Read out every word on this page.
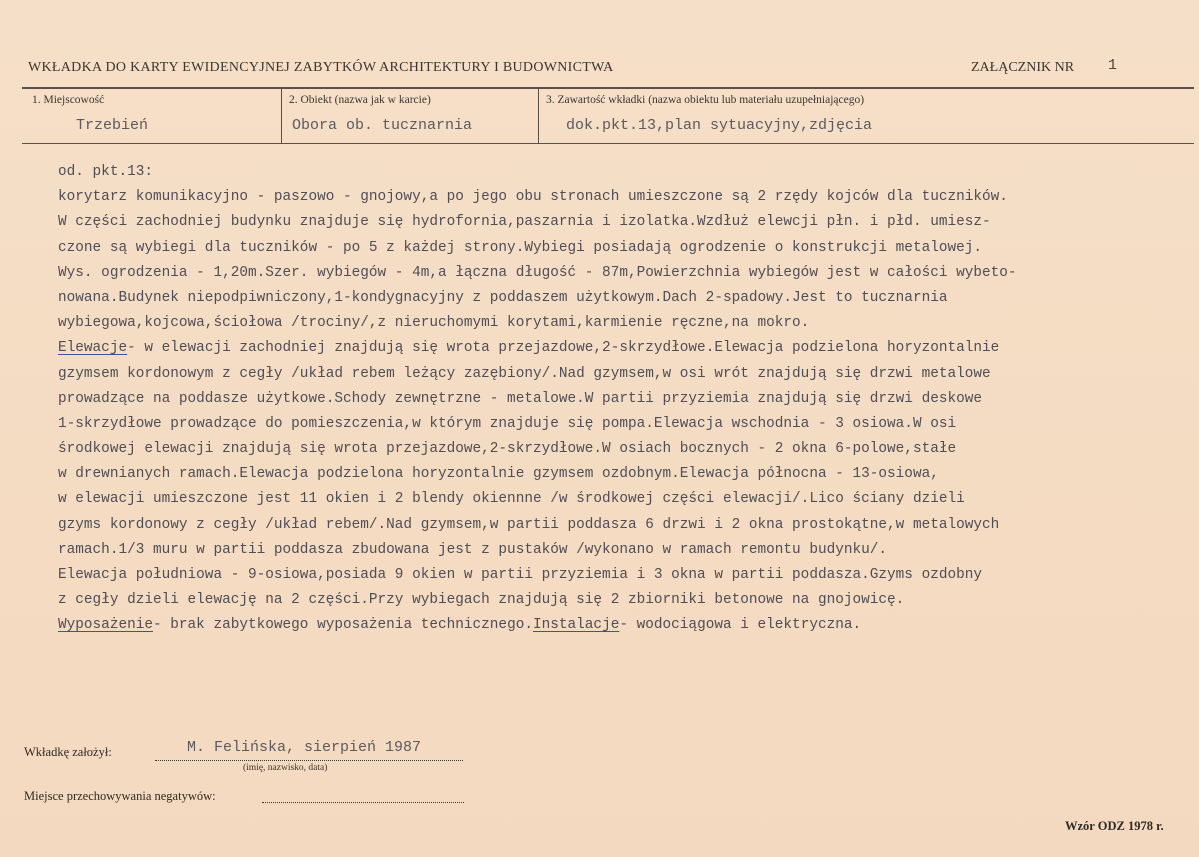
WKŁADKA DO KARTY EWIDENCYJNEJ ZABYTKÓW ARCHITEKTURY I BUDOWNICTWA	ZAŁĄCZNIK NR 1
1. Miejscowość
Trzebień
2. Obiekt (nazwa jak w karcie)
Obora ob. tucznarnia
3. Zawartość wkładki (nazwa obiektu lub materiału uzupełniającego)
dok.pkt.13,plan sytuacyjny,zdjęcia
od. pkt.13:
korytarz komunikacyjno - paszowo - gnojowy,a po jego obu stronach umieszczone są 2 rzędy kojców dla tuczników.
W części zachodniej budynku znajduje się hydrofornia,paszarnia i izolatka.Wzdłuż elewcji płn. i płd. umiesz-
czone są wybiegi dla tuczników - po 5 z każdej strony.Wybiegi posiadają ogrodzenie o konstrukcji metalowej.
Wys. ogrodzenia - 1,20m.Szer. wybiegów - 4m,a łączna długość - 87m,Powierzchnia wybiegów jest w całości wybeto-
nowana.Budynek niepodpiwniczony,1-kondygnacyjny z poddaszem użytkowym.Dach 2-spadowy.Jest to tucznarnia
wybiegowa,kojcowa,ściołowa /trociny/,z nieruchomymi korytami,karmienie ręczne,na mokro.
Elewacje- w elewacji zachodniej znajdują się wrota przejazdowe,2-skrzydłowe.Elewacja podzielona horyzontalnie
gzymsem kordonowym z cegły /układ rebem leżący zazębiony/.Nad gzymsem,w osi wrót znajdują się drzwi metalowe
prowadzące na poddasze użytkowe.Schody zewnętrzne - metalowe.W partii przyziemia znajdują się drzwi deskowe
1-skrzydłowe prowadzące do pomieszczenia,w którym znajduje się pompa.Elewacja wschodnia - 3 osiowa.W osi
środkowej elewacji znajdują się wrota przejazdowe,2-skrzydłowe.W osiach bocznych - 2 okna 6-polowe,stałe
w drewnianych ramach.Elewacja podzielona horyzontalnie gzymsem ozdobnym.Elewacja północna - 13-osiowa,
w elewacji umieszczone jest 11 okien i 2 blendy okiennne /w środkowej części elewacji/.Lico ściany dzieli
gzyms kordonowy z cegły /układ rebem/.Nad gzymsem,w partii poddasza 6 drzwi i 2 okna prostokątne,w metalowych
ramach.1/3 muru w partii poddasza zbudowana jest z pustaków /wykonano w ramach remontu budynku/.
Elewacja południowa - 9-osiowa,posiada 9 okien w partii przyziemia i 3 okna w partii poddasza.Gzyms ozdobny
z cegły dzieli elewację na 2 części.Przy wybiegach znajdują się 2 zbiorniki betonowe na gnojowicę.
Wyposażenie- brak zabytkowego wyposażenia technicznego.Instalacje- wodociągowa i elektryczna.
Wkładkę założył:	M. Felińska, sierpień 1987
(imię, nazwisko, data)
Miejsce przechowywania negatywów:
Wzór ODZ 1978 r.
